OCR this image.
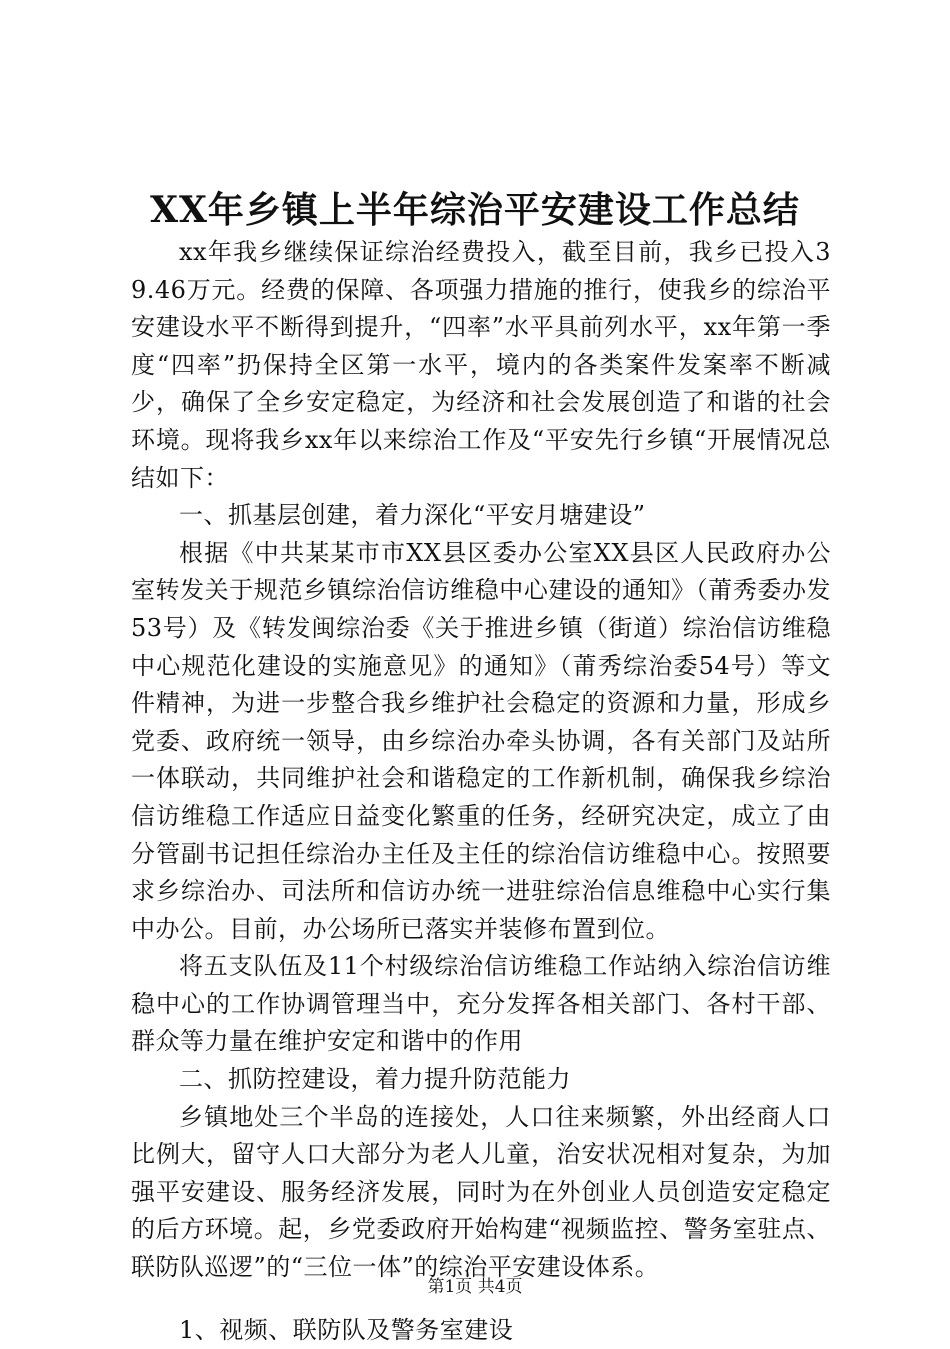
XX年乡镇上半年综治平安建设工作总结

xx年我乡继续保证综治经费投入，截至目前，我乡已投入39.46万元。经费的保障、各项强力措施的推行，使我乡的综治平安建设水平不断得到提升，“四率”水平具前列水平，xx年第一季度“四率”扔保持全区第一水平，境内的各类案件发案率不断减少，确保了全乡安定稳定，为经济和社会发展创造了和谐的社会环境。现将我乡xx年以来综治工作及“平安先行乡镇“开展情况总结如下：

一、抓基层创建，着力深化“平安月塘建设”

根据《中共某某市市XX县区委办公室XX县区人民政府办公室转发关于规范乡镇综治信访维稳中心建设的通知》（莆秀委办发53号）及《转发闽综治委《关于推进乡镇（街道）综治信访维稳中心规范化建设的实施意见》的通知》（莆秀综治委54号）等文件精神，为进一步整合我乡维护社会稳定的资源和力量，形成乡党委、政府统一领导，由乡综治办牵头协调，各有关部门及站所一体联动，共同维护社会和谐稳定的工作新机制，确保我乡综治信访维稳工作适应日益变化繁重的任务，经研究决定，成立了由分管副书记担任综治办主任及主任的综治信访维稳中心。按照要求乡综治办、司法所和信访办统一进驻综治信息维稳中心实行集中办公。目前，办公场所已落实并装修布置到位。

将五支队伍及11个村级综治信访维稳工作站纳入综治信访维稳中心的工作协调管理当中，充分发挥各相关部门、各村干部、群众等力量在维护安定和谐中的作用

二、抓防控建设，着力提升防范能力

乡镇地处三个半岛的连接处，人口往来频繁，外出经商人口比例大，留守人口大部分为老人儿童，治安状况相对复杂，为加强平安建设、服务经济发展，同时为在外创业人员创造安定稳定的后方环境。起，乡党委政府开始构建“视频监控、警务室驻点、联防队巡逻”的“三位一体”的综治平安建设体系。

1、视频、联防队及警务室建设

第1页 共4页
